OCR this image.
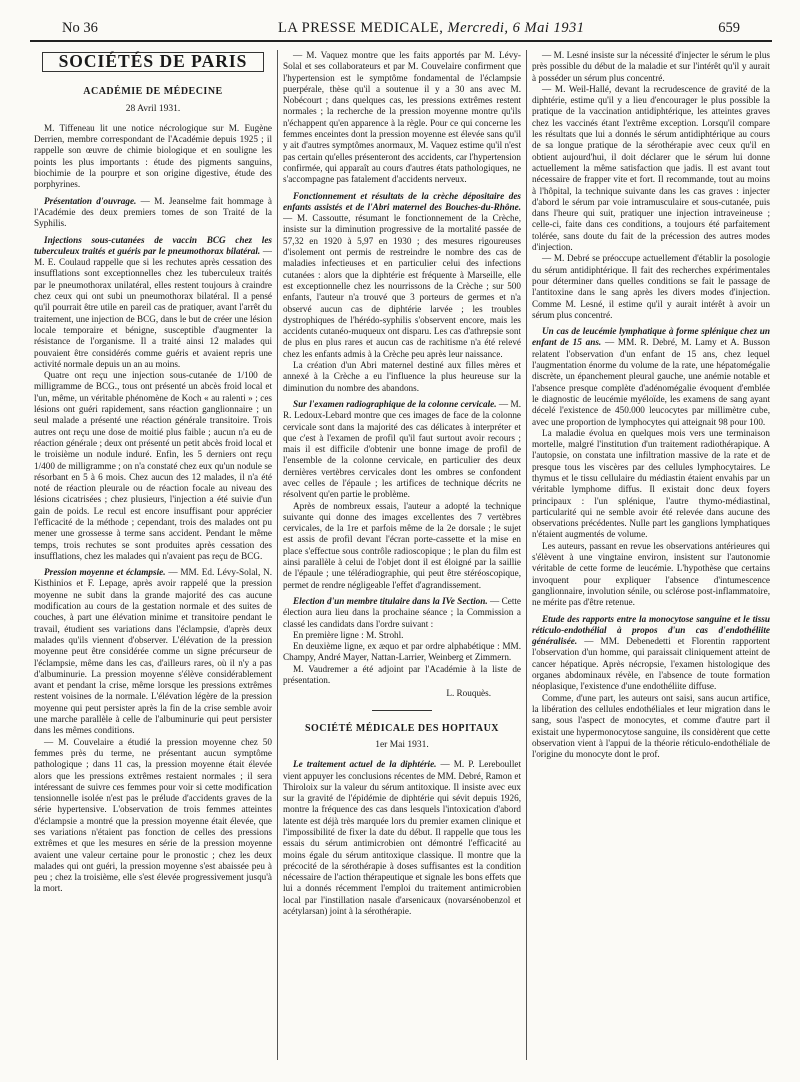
No 36	LA PRESSE MEDICALE, Mercredi, 6 Mai 1931	659
SOCIÉTÉS DE PARIS
ACADÉMIE DE MÉDECINE
28 Avril 1931.

M. Tiffeneau lit une notice nécrologique sur M. Eugène Derrien, membre correspondant de l'Académie depuis 1925 ; il rappelle son œuvre de chimie biologique et en souligne les points les plus importants : étude des pigments sanguins, biochimie de la pourpre et son origine digestive, étude des porphyrines.

Présentation d'ouvrage. — M. Jeanselme fait hommage à l'Académie des deux premiers tomes de son Traité de la Syphilis.

Injections sous-cutanées de vaccin BCG chez les tuberculeux traités et guéris par le pneumothorax bilatéral. — M. E. Coulaud rappelle que si les rechutes après cessation des insufflations sont exceptionnelles chez les tuberculeux traités par le pneumothorax unilatéral, elles restent toujours à craindre chez ceux qui ont subi un pneumothorax bilatéral. Il a pensé qu'il pourrait être utile en pareil cas de pratiquer, avant l'arrêt du traitement, une injection de BCG, dans le but de créer une lésion locale temporaire et bénigne, susceptible d'augmenter la résistance de l'organisme. Il a traité ainsi 12 malades qui pouvaient être considérés comme guéris et avaient repris une activité normale depuis un an au moins.

Quatre ont reçu une injection sous-cutanée de 1/100 de milligramme de BCG., tous ont présenté un abcès froid local et l'un, même, un véritable phénomène de Koch « au ralenti » ; ces lésions ont guéri rapidement, sans réaction ganglionnaire ; un seul malade a présenté une réaction générale transitoire. Trois autres ont reçu une dose de moitié plus faible ; aucun n'a eu de réaction générale ; deux ont présenté un petit abcès froid local et le troisième un nodule induré. Enfin, les 5 derniers ont reçu 1/400 de milligramme ; on n'a constaté chez eux qu'un nodule se résorbant en 5 à 6 mois. Chez aucun des 12 malades, il n'a été noté de réaction pleurale ou de réaction focale au niveau des lésions cicatrisées ; chez plusieurs, l'injection a été suivie d'un gain de poids. Le recul est encore insuffisant pour apprécier l'efficacité de la méthode ; cependant, trois des malades ont pu mener une grossesse à terme sans accident. Pendant le même temps, trois rechutes se sont produites après cessation des insufflations, chez les malades qui n'avaient pas reçu de BCG.

Pression moyenne et éclampsie. — MM. Ed. Lévy-Solal, N. Kisthinios et F. Lepage, après avoir rappelé que la pression moyenne ne subit dans la grande majorité des cas aucune modification au cours de la gestation normale et des suites de couches, à part une élévation minime et transitoire pendant le travail, étudient ses variations dans l'éclampsie, d'après deux malades qu'ils viennent d'observer. L'élévation de la pression moyenne peut être considérée comme un signe précurseur de l'éclampsie, même dans les cas, d'ailleurs rares, où il n'y a pas d'albuminurie. La pression moyenne s'élève considérablement avant et pendant la crise, même lorsque les pressions extrêmes restent voisines de la normale. L'élévation légère de la pression moyenne qui peut persister après la fin de la crise semble avoir une marche parallèle à celle de l'albuminurie qui peut persister dans les mêmes conditions.

— M. Couvelaire a étudié la pression moyenne chez 50 femmes près du terme, ne présentant aucun symptôme pathologique ; dans 11 cas, la pression moyenne était élevée alors que les pressions extrêmes restaient normales ; il sera intéressant de suivre ces femmes pour voir si cette modification tensionnelle isolée n'est pas le prélude d'accidents graves de la série hypertensive. L'observation de trois femmes atteintes d'éclampsie a montré que la pression moyenne était élevée, que ses variations n'étaient pas fonction de celles des pressions extrêmes et que les mesures en série de la pression moyenne avaient une valeur certaine pour le pronostic ; chez les deux malades qui ont guéri, la pression moyenne s'est abaissée peu à peu ; chez la troisième, elle s'est élevée progressivement jusqu'à la mort.

— M. Vaquez montre que les faits apportés par M. Lévy-Solal et ses collaborateurs et par M. Couvelaire confirment que l'hypertension est le symptôme fondamental de l'éclampsie puerpérale, thèse qu'il a soutenue il y a 30 ans avec M. Nobécourt ; dans quelques cas, les pressions extrêmes restent normales ; la recherche de la pression moyenne montre qu'ils n'échappent qu'en apparence à la règle. Pour ce qui concerne les femmes enceintes dont la pression moyenne est élevée sans qu'il y ait d'autres symptômes anormaux, M. Vaquez estime qu'il n'est pas certain qu'elles présenteront des accidents, car l'hypertension confirmée, qui apparaît au cours d'autres états pathologiques, ne s'accompagne pas fatalement d'accidents nerveux.

Fonctionnement et résultats de la crèche dépositaire des enfants assistés et de l'Abri maternel des Bouches-du-Rhône. — M. Cassoutte, résumant le fonctionnement de la Crèche, insiste sur la diminution progressive de la mortalité passée de 57,32 en 1920 à 5,97 en 1930 ; des mesures rigoureuses d'isolement ont permis de restreindre le nombre des cas de maladies infectieuses et en particulier celui des infections cutanées : alors que la diphtérie est fréquente à Marseille, elle est exceptionnelle chez les nourrissons de la Crèche ; sur 500 enfants, l'auteur n'a trouvé que 3 porteurs de germes et n'a observé aucun cas de diphtérie larvée ; les troubles dystrophiques de l'hérédo-syphilis s'observent encore, mais les accidents cutanéo-muqueux ont disparu. Les cas d'athrepsie sont de plus en plus rares et aucun cas de rachitisme n'a été relevé chez les enfants admis à la Crèche peu après leur naissance.

La création d'un Abri maternel destiné aux filles mères et annexé à la Crèche a eu l'influence la plus heureuse sur la diminution du nombre des abandons.

Sur l'examen radiographique de la colonne cervicale. — M. R. Ledoux-Lebard montre que ces images de face de la colonne cervicale sont dans la majorité des cas délicates à interpréter et que c'est à l'examen de profil qu'il faut surtout avoir recours ; mais il est difficile d'obtenir une bonne image de profil de l'ensemble de la colonne cervicale, en particulier des deux dernières vertèbres cervicales dont les ombres se confondent avec celles de l'épaule ; les artifices de technique décrits ne résolvent qu'en partie le problème.

Après de nombreux essais, l'auteur a adopté la technique suivante qui donne des images excellentes des 7 vertèbres cervicales, de la 1re et parfois même de la 2e dorsale ; le sujet est assis de profil devant l'écran porte-cassette et la mise en place s'effectue sous contrôle radioscopique ; le plan du film est ainsi parallèle à celui de l'objet dont il est éloigné par la saillie de l'épaule ; une téléradiographie, qui peut être stéréoscopique, permet de rendre négligeable l'effet d'agrandissement.

Election d'un membre titulaire dans la IVe Section. — Cette élection aura lieu dans la prochaine séance ; la Commission a classé les candidats dans l'ordre suivant :

En première ligne : M. Strohl.

En deuxième ligne, ex æquo et par ordre alphabétique : MM. Champy, André Mayer, Nattan-Larrier, Weinberg et Zimmern.

M. Vaudremer a été adjoint par l'Académie à la liste de présentation.

L. Rouquès.

SOCIÉTÉ MÉDICALE DES HOPITAUX
1er Mai 1931.

Le traitement actuel de la diphtérie. — M. P. Lereboullet vient appuyer les conclusions récentes de MM. Debré, Ramon et Thiroloix sur la valeur du sérum antitoxique. Il insiste avec eux sur la gravité de l'épidémie de diphtérie qui sévit depuis 1926, montre la fréquence des cas dans lesquels l'intoxication d'abord latente est déjà très marquée lors du premier examen clinique et l'impossibilité de fixer la date du début. Il rappelle que tous les essais du sérum antimicrobien ont démontré l'efficacité au moins égale du sérum antitoxique classique. Il montre que la précocité de la sérothérapie à doses suffisantes est la condition nécessaire de l'action thérapeutique et signale les bons effets que lui a donnés récemment l'emploi du traitement antimicrobien local par l'instillation nasale d'arsenicaux (novarsénobenzol et acétylarsan) joint à la sérothérapie.

— M. Lesné insiste sur la nécessité d'injecter le sérum le plus près possible du début de la maladie et sur l'intérêt qu'il y aurait à posséder un sérum plus concentré.

— M. Weil-Hallé, devant la recrudescence de gravité de la diphtérie, estime qu'il y a lieu d'encourager le plus possible la pratique de la vaccination antidiphtérique, les atteintes graves chez les vaccinés étant l'extrême exception. Lorsqu'il compare les résultats que lui a donnés le sérum antidiphtérique au cours de sa longue pratique de la sérothérapie avec ceux qu'il en obtient aujourd'hui, il doit déclarer que le sérum lui donne actuellement la même satisfaction que jadis. Il est avant tout nécessaire de frapper vite et fort. Il recommande, tout au moins à l'hôpital, la technique suivante dans les cas graves : injecter d'abord le sérum par voie intramusculaire et sous-cutanée, puis dans l'heure qui suit, pratiquer une injection intraveineuse ; celle-ci, faite dans ces conditions, a toujours été parfaitement tolérée, sans doute du fait de la précession des autres modes d'injection.

— M. Debré se préoccupe actuellement d'établir la posologie du sérum antidiphtérique. Il fait des recherches expérimentales pour déterminer dans quelles conditions se fait le passage de l'antitoxine dans le sang après les divers modes d'injection. Comme M. Lesné, il estime qu'il y aurait intérêt à avoir un sérum plus concentré.

Un cas de leucémie lymphatique à forme splénique chez un enfant de 15 ans. — MM. R. Debré, M. Lamy et A. Busson relatent l'observation d'un enfant de 15 ans, chez lequel l'augmentation énorme du volume de la rate, une hépatomégalie discrète, un épanchement pleural gauche, une anémie notable et l'absence presque complète d'adénomégalie évoquent d'emblée le diagnostic de leucémie myéloïde, les examens de sang ayant décelé l'existence de 450.000 leucocytes par millimètre cube, avec une proportion de lymphocytes qui atteignait 98 pour 100.

La maladie évolua en quelques mois vers une terminaison mortelle, malgré l'institution d'un traitement radiothérapique. A l'autopsie, on constata une infiltration massive de la rate et de presque tous les viscères par des cellules lymphocytaires. Le thymus et le tissu cellulaire du médiastin étaient envahis par un véritable lymphome diffus. Il existait donc deux foyers principaux : l'un splénique, l'autre thymo-médiastinal, particularité qui ne semble avoir été relevée dans aucune des observations précédentes. Nulle part les ganglions lymphatiques n'étaient augmentés de volume.

Les auteurs, passant en revue les observations antérieures qui s'élèvent à une vingtaine environ, insistent sur l'autonomie véritable de cette forme de leucémie. L'hypothèse que certains invoquent pour expliquer l'absence d'intumescence ganglionnaire, involution sénile, ou sclérose post-inflammatoire, ne mérite pas d'être retenue.

Etude des rapports entre la monocytose sanguine et le tissu réticulo-endothélial à propos d'un cas d'endothéliite généralisée. — MM. Debenedetti et Florentin rapportent l'observation d'un homme, qui paraissait cliniquement atteint de cancer hépatique. Après nécropsie, l'examen histologique des organes abdominaux révèle, en l'absence de toute formation néoplasique, l'existence d'une endothéliite diffuse.

Comme, d'une part, les auteurs ont saisi, sans aucun artifice, la libération des cellules endothéliales et leur migration dans le sang, sous l'aspect de monocytes, et comme d'autre part il existait une hypermonocytose sanguine, ils considèrent que cette observation vient à l'appui de la théorie réticulo-endothéliale de l'origine du monocyte dont le prof.
